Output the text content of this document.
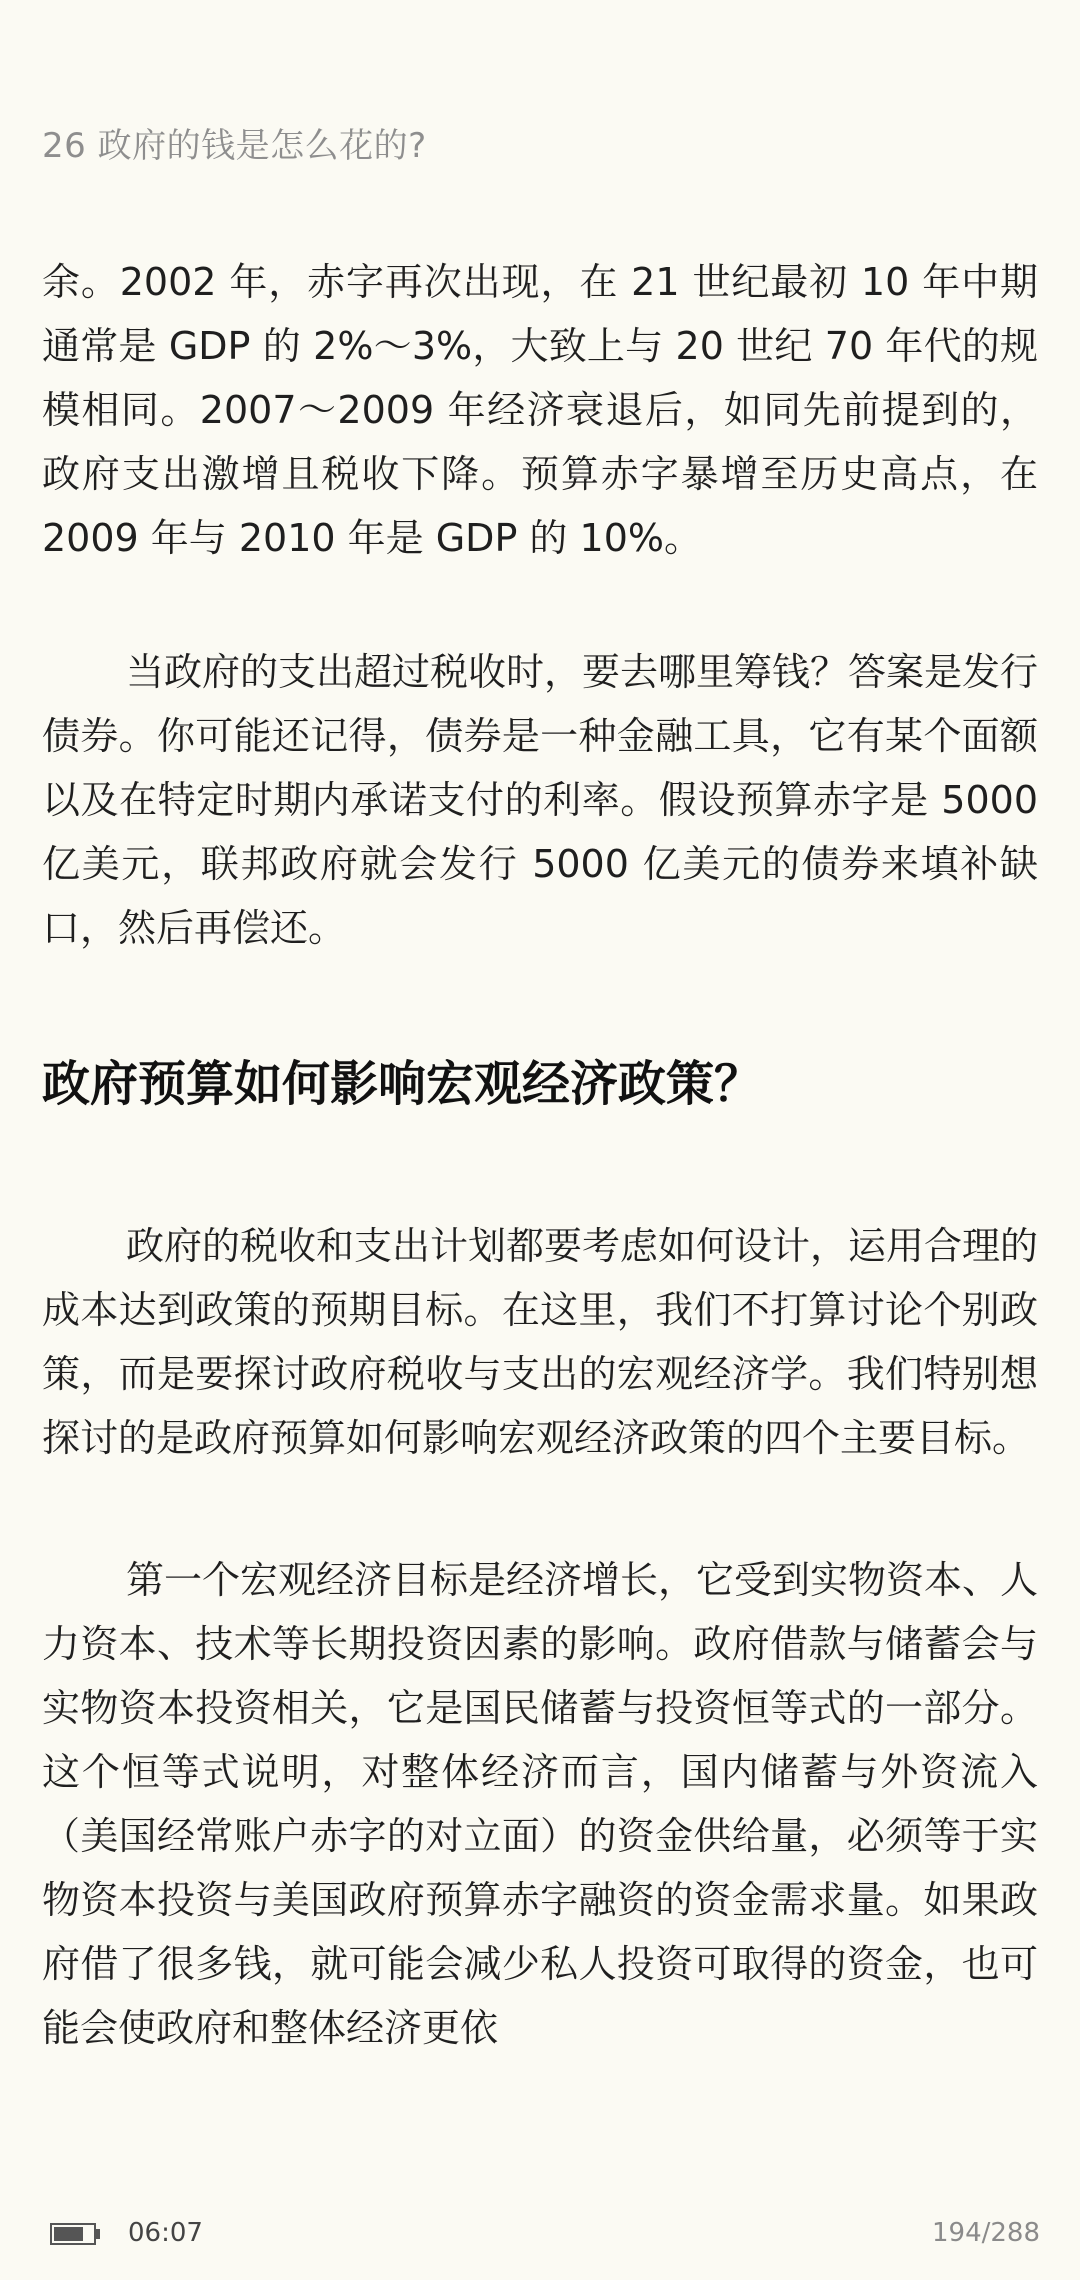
26 政府的钱是怎么花的?

余。2002 年，赤字再次出现，在 21 世纪最初 10 年中期通常是 GDP 的 2%～3%，大致上与 20 世纪 70 年代的规模相同。2007～2009 年经济衰退后，如同先前提到的，政府支出激增且税收下降。预算赤字暴增至历史高点，在 2009 年与 2010 年是 GDP 的 10%。

当政府的支出超过税收时，要去哪里筹钱？答案是发行债券。你可能还记得，债券是一种金融工具，它有某个面额以及在特定时期内承诺支付的利率。假设预算赤字是 5000 亿美元，联邦政府就会发行 5000 亿美元的债券来填补缺口，然后再偿还。

政府预算如何影响宏观经济政策？

政府的税收和支出计划都要考虑如何设计，运用合理的成本达到政策的预期目标。在这里，我们不打算讨论个别政策，而是要探讨政府税收与支出的宏观经济学。我们特别想探讨的是政府预算如何影响宏观经济政策的四个主要目标。

第一个宏观经济目标是经济增长，它受到实物资本、人力资本、技术等长期投资因素的影响。政府借款与储蓄会与实物资本投资相关，它是国民储蓄与投资恒等式的一部分。这个恒等式说明，对整体经济而言，国内储蓄与外资流入（美国经常账户赤字的对立面）的资金供给量，必须等于实物资本投资与美国政府预算赤字融资的资金需求量。如果政府借了很多钱，就可能会减少私人投资可取得的资金，也可能会使政府和整体经济更依

06:07	194/288
